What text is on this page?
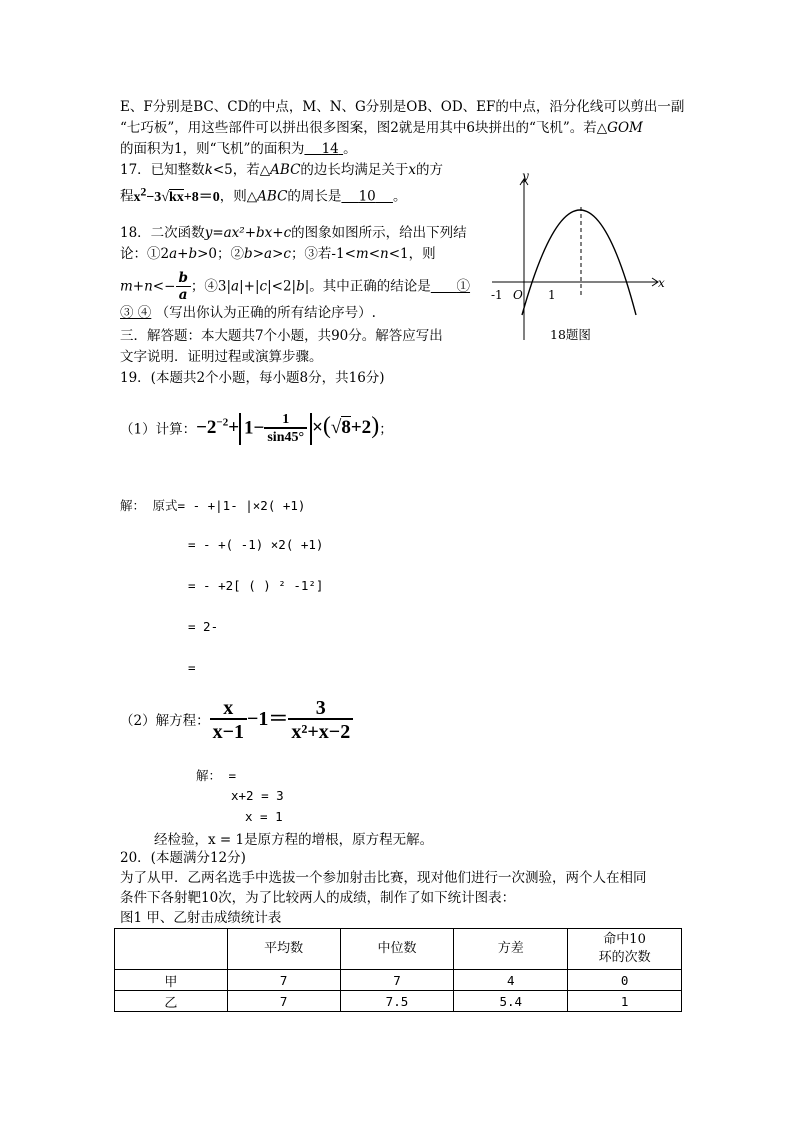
E、F分别是BC、CD的中点，M、N、G分别是OB、OD、EF的中点，沿分化线可以剪出一副
“七巧板”，用这些部件可以拼出很多图案，图2就是用其中6块拼出的“飞机”。若△GOM
的面积为1，则“飞机”的面积为 14 。
17．已知整数k<5，若△ABC的边长均满足关于x的方
程$x^2-3√kx+8=0$，则△ABC的周长是 10 。
18．二次函数y=ax²+bx+c的图象如图所示，给出下列结
论：①2a+b>0；②b>a>c；③若-1<m<n<1，则
$m+n<- \frac{b}{a}$ ；④3|a|+|c|<2|b|。其中正确的结论是 ①
③ ④ （写出你认为正确的所有结论序号）.
y
x
-1 O 1
18题图
三．解答题：本大题共7个小题，共90分。解答应写出
文字说明．证明过程或演算步骤。
19．(本题共2个小题，每小题8分，共16分)
（1）计算：$-2^{-2}+ 1- \frac{1}{\sin 45^\circ} \times(√8+2)$；
解： 原式= - +|1- |×2( +1)
= - +( -1) ×2( +1)
= - +2[ ( ) ² -1²]
= 2-
=
（2）解方程： $\frac{x}{x-1} -1= \frac{3}{\text{x²+x−2}}$
解： =
x+2 = 3
x = 1
经检验，x = 1是原方程的增根，原方程无解。
20．(本题满分12分)
为了从甲．乙两名选手中选拔一个参加射击比赛，现对他们进行一次测验，两个人在相同
条件下各射靶10次，为了比较两人的成绩，制作了如下统计图表：
图1 甲、乙射击成绩统计表
	平均数	中位数	方差	命中10
环的次数
甲	7	7	4	0
乙	7	7.5	5.4	1
